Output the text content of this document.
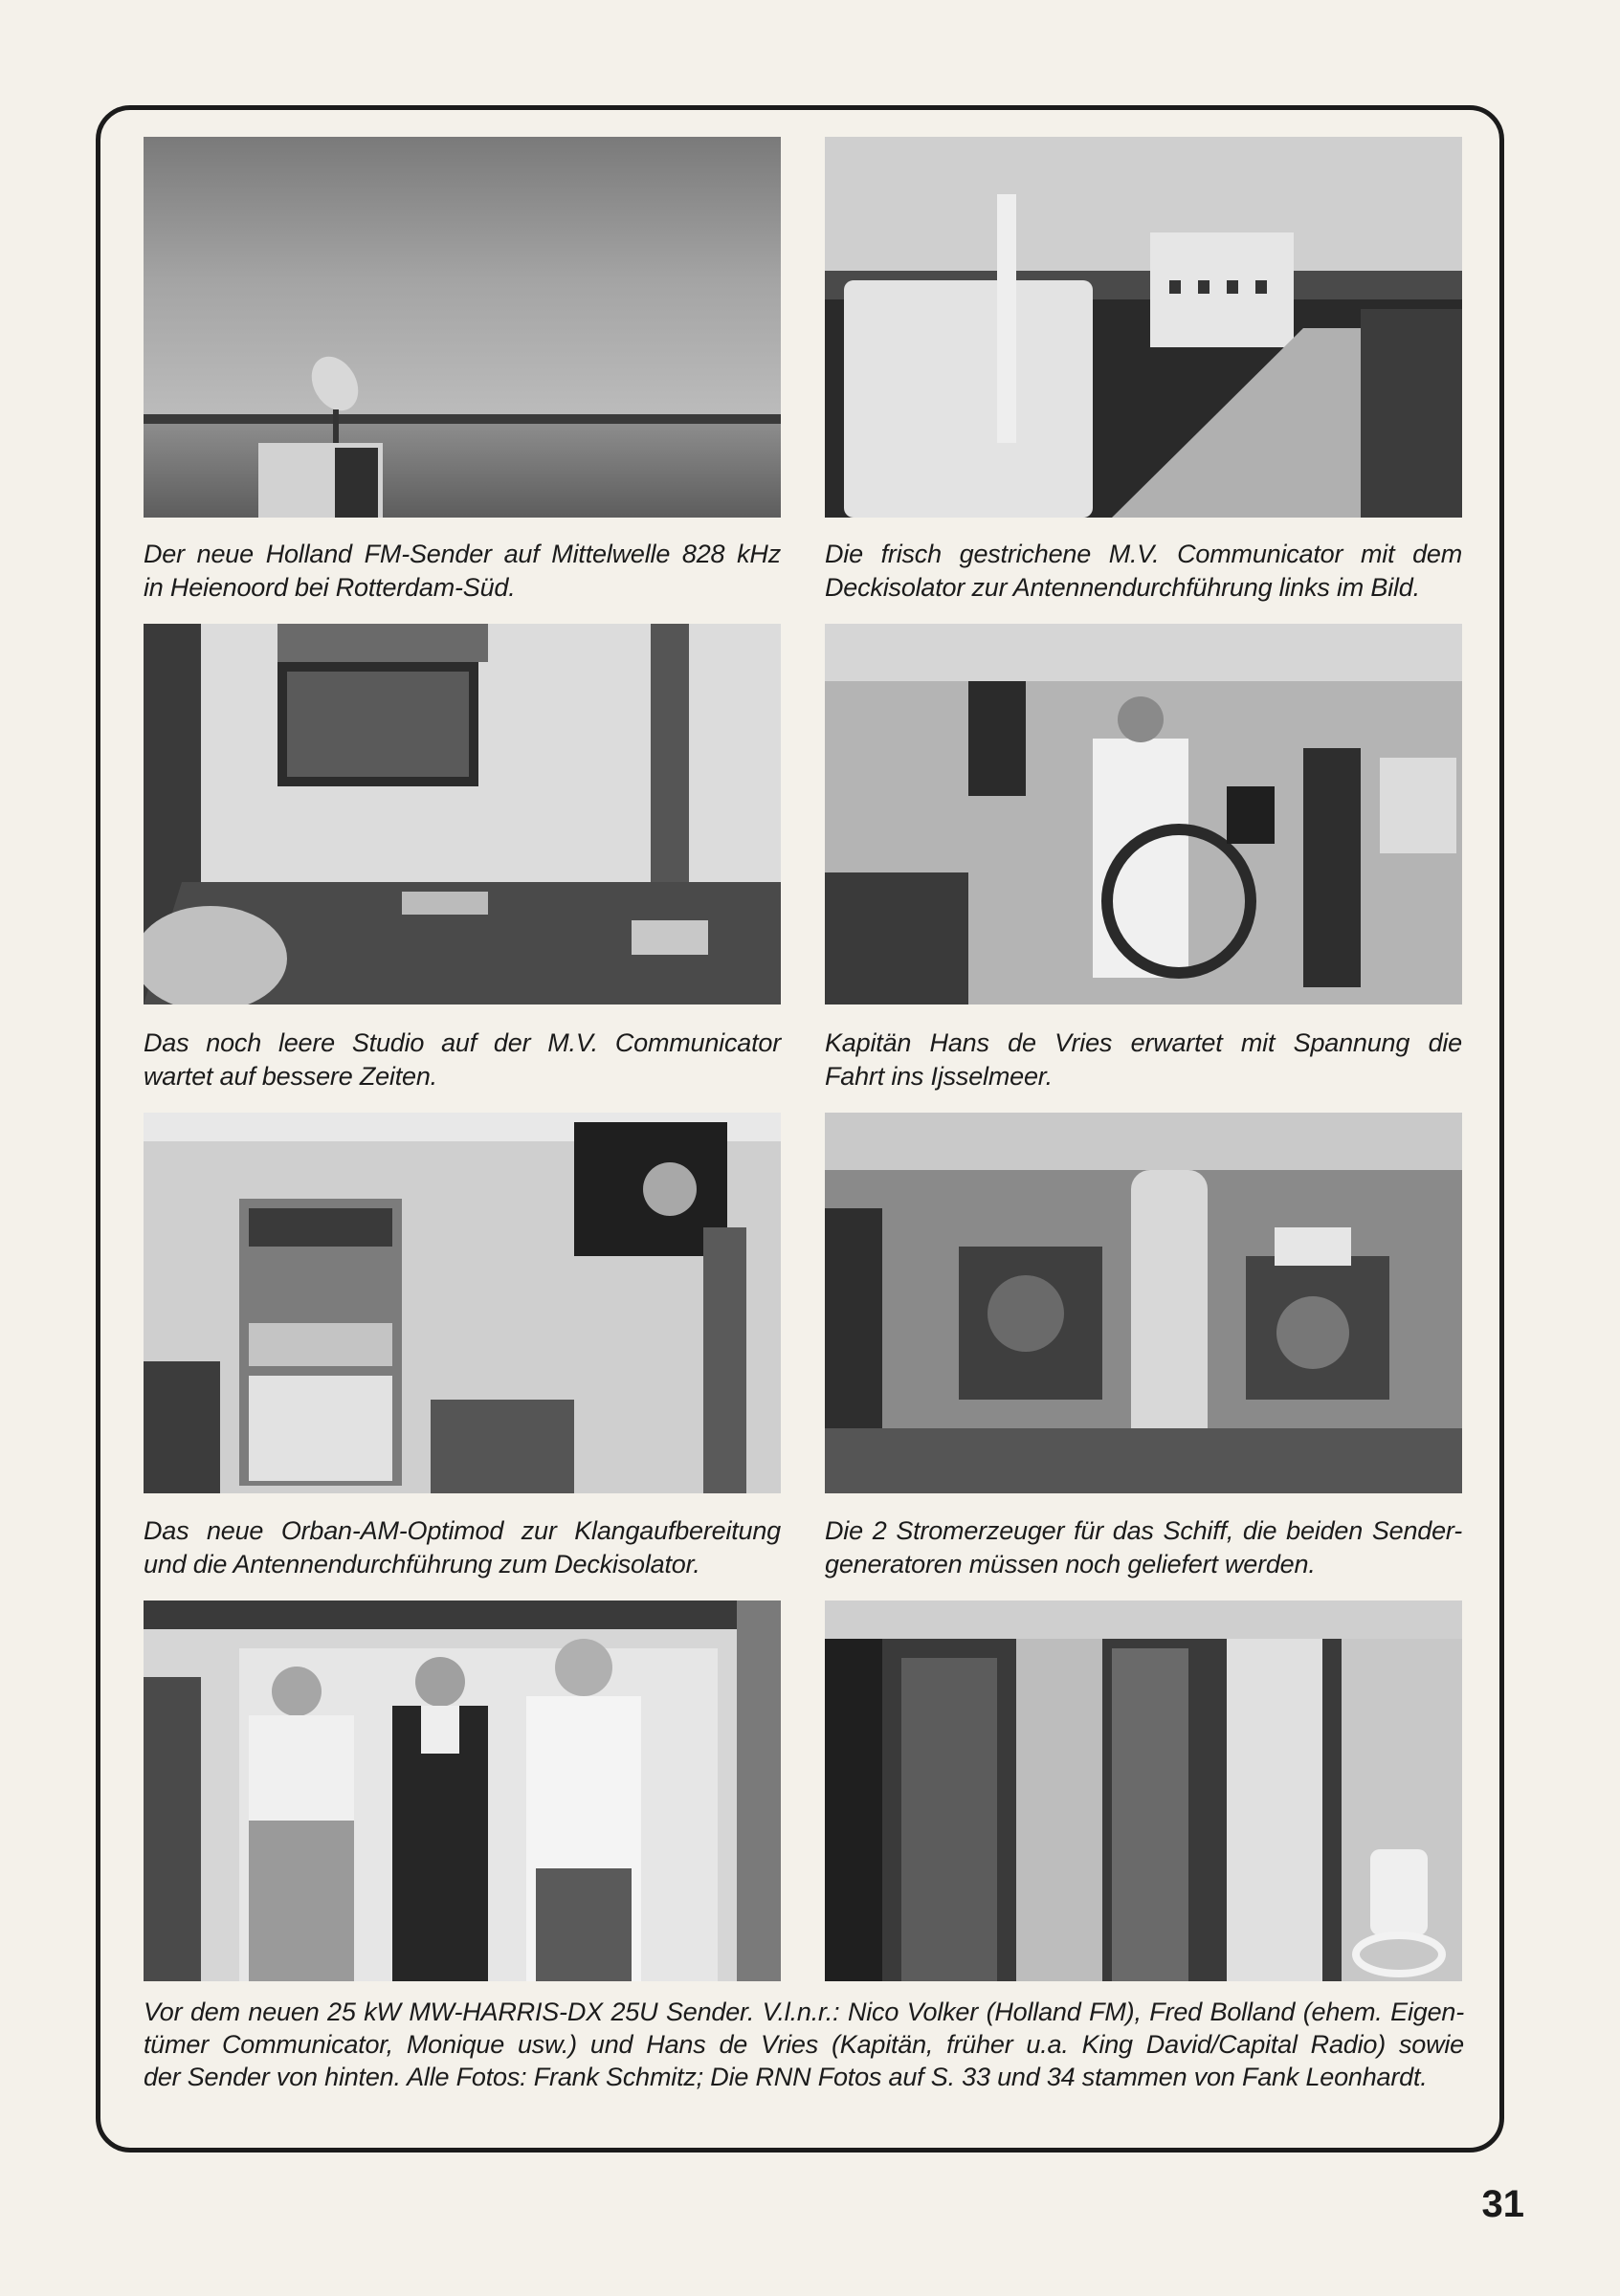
Der neue Holland FM-Sender auf Mittelwelle 828 kHz
in Heienoord bei Rotterdam-Süd.
Die frisch gestrichene M.V. Communicator mit dem
Deckisolator zur Antennendurchführung links im Bild.
Das noch leere Studio auf der M.V. Communicator
wartet auf bessere Zeiten.
Kapitän Hans de Vries erwartet mit Spannung die
Fahrt ins Ijsselmeer.
Das neue Orban-AM-Optimod zur Klangaufbereitung
und die Antennendurchführung zum Deckisolator.
Die 2 Stromerzeuger für das Schiff, die beiden Sender-
generatoren müssen noch geliefert werden.
Vor dem neuen 25 kW MW-HARRIS-DX 25U Sender. V.l.n.r.: Nico Volker (Holland FM), Fred Bolland (ehem. Eigen-
tümer Communicator, Monique usw.) und Hans de Vries (Kapitän, früher u.a. King David/Capital Radio) sowie
der Sender von hinten. Alle Fotos: Frank Schmitz; Die RNN Fotos auf S. 33 und 34 stammen von Fank Leonhardt.
31
